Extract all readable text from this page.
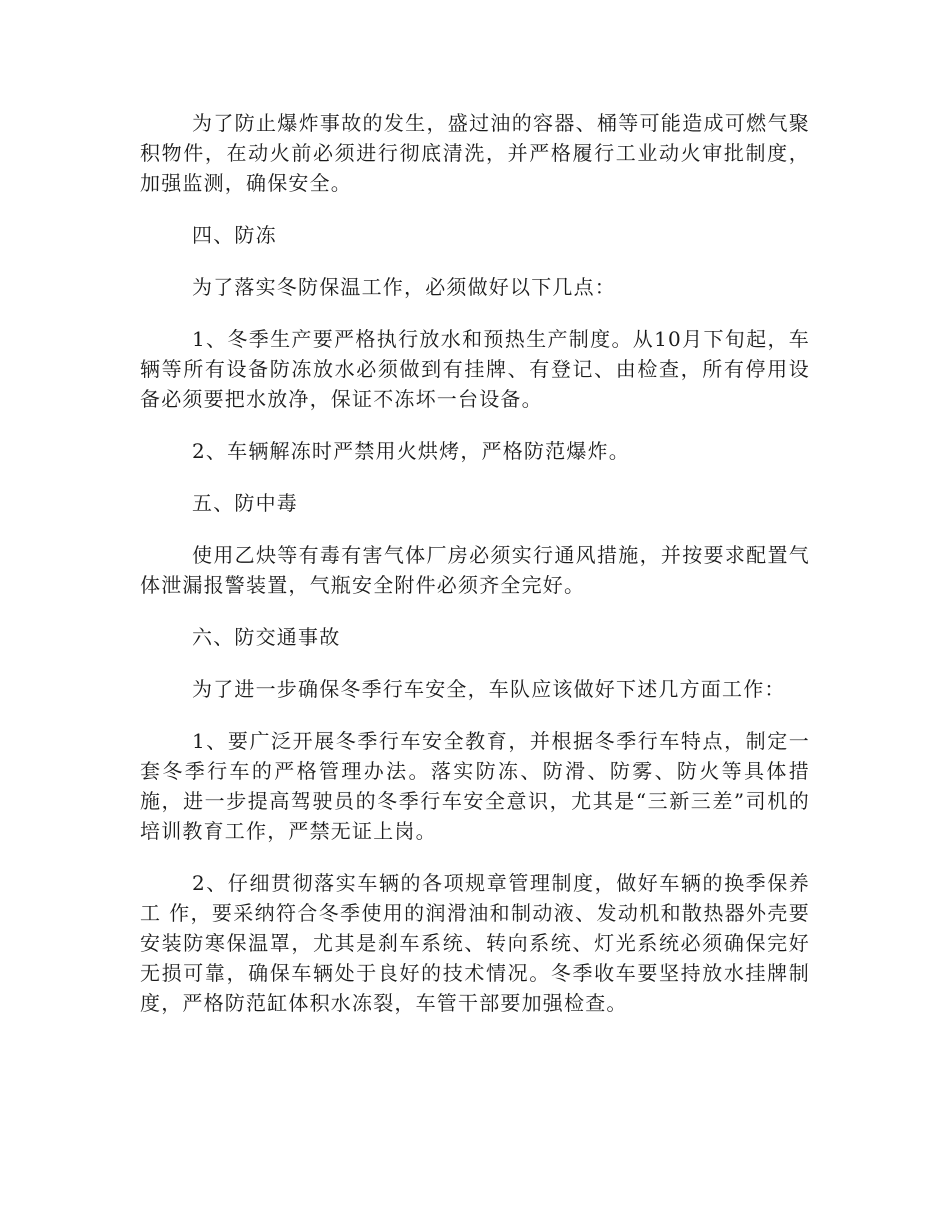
为了防止爆炸事故的发生，盛过油的容器、桶等可能造成可燃气聚积物件，在动火前必须进行彻底清洗，并严格履行工业动火审批制度，加强监测，确保安全。

四、防冻

为了落实冬防保温工作，必须做好以下几点：

1、冬季生产要严格执行放水和预热生产制度。从10月下旬起，车辆等所有设备防冻放水必须做到有挂牌、有登记、由检查，所有停用设备必须要把水放净，保证不冻坏一台设备。

2、车辆解冻时严禁用火烘烤，严格防范爆炸。

五、防中毒

使用乙炔等有毒有害气体厂房必须实行通风措施，并按要求配置气体泄漏报警装置，气瓶安全附件必须齐全完好。

六、防交通事故

为了进一步确保冬季行车安全，车队应该做好下述几方面工作：

1、要广泛开展冬季行车安全教育，并根据冬季行车特点，制定一套冬季行车的严格管理办法。落实防冻、防滑、防雾、防火等具体措施，进一步提高驾驶员的冬季行车安全意识，尤其是“三新三差”司机的培训教育工作，严禁无证上岗。

2、仔细贯彻落实车辆的各项规章管理制度，做好车辆的换季保养工 作，要采纳符合冬季使用的润滑油和制动液、发动机和散热器外壳要安装防寒保温罩，尤其是刹车系统、转向系统、灯光系统必须确保完好无损可靠，确保车辆处于良好的技术情况。冬季收车要坚持放水挂牌制度，严格防范缸体积水冻裂，车管干部要加强检查。
